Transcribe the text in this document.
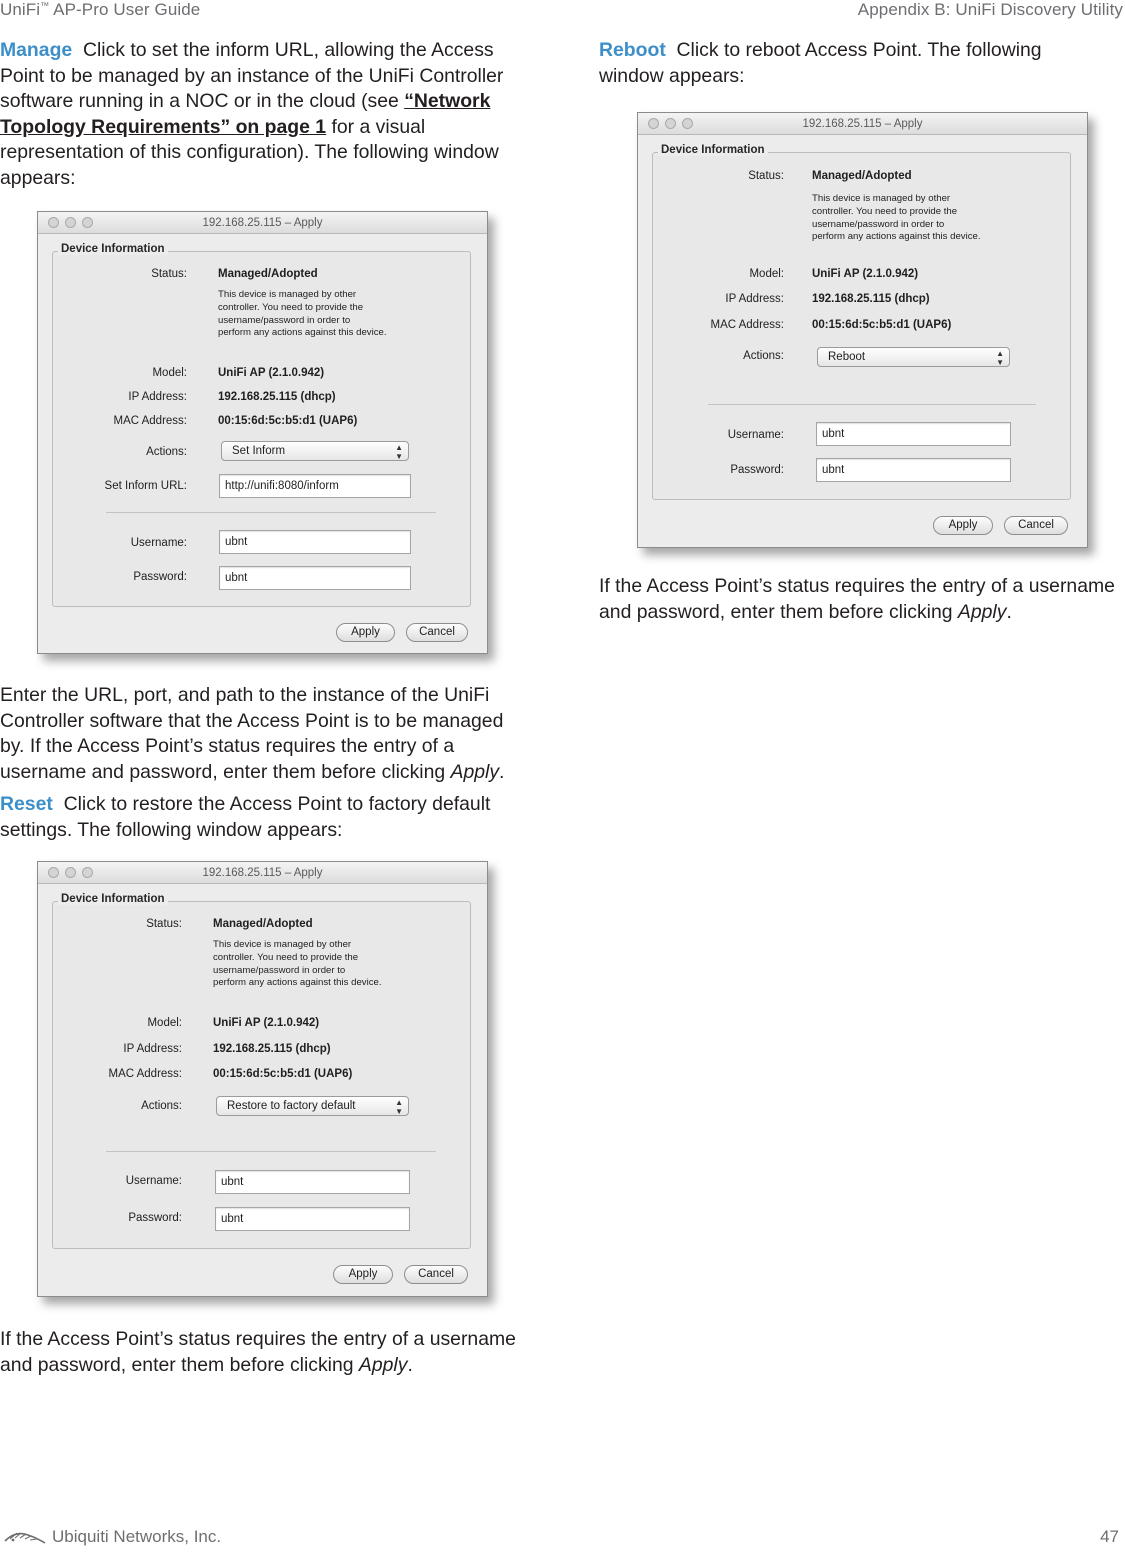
UniFi™ AP-Pro User Guide	Appendix B: UniFi Discovery Utility

Manage  Click to set the inform URL, allowing the Access Point to be managed by an instance of the UniFi Controller software running in a NOC or in the cloud (see “Network Topology Requirements” on page 1 for a visual representation of this configuration). The following window appears:

Enter the URL, port, and path to the instance of the UniFi Controller software that the Access Point is to be managed by. If the Access Point’s status requires the entry of a username and password, enter them before clicking Apply.

Reset  Click to restore the Access Point to factory default settings. The following window appears:

If the Access Point’s status requires the entry of a username and password, enter them before clicking Apply.

Reboot  Click to reboot Access Point. The following window appears:

If the Access Point’s status requires the entry of a username and password, enter them before clicking Apply.

192.168.25.115 – Apply
Device Information
Status:	Managed/Adopted
This device is managed by other
controller. You need to provide the
username/password in order to
perform any actions against this device.
Model:	UniFi AP (2.1.0.942)
IP Address:	192.168.25.115 (dhcp)
MAC Address:	00:15:6d:5c:b5:d1 (UAP6)
Actions:	Set Inform	▲
▼
Set Inform URL:	http://unifi:8080/inform
Username:	ubnt
Password:	ubnt
Apply	Cancel
192.168.25.115 – Apply
Device Information
Status:	Managed/Adopted
This device is managed by other
controller. You need to provide the
username/password in order to
perform any actions against this device.
Model:	UniFi AP (2.1.0.942)
IP Address:	192.168.25.115 (dhcp)
MAC Address:	00:15:6d:5c:b5:d1 (UAP6)
Actions:	Restore to factory default	▲
▼
Username:	ubnt
Password:	ubnt
Apply	Cancel
192.168.25.115 – Apply
Device Information
Status: Managed/Adopted
This device is managed by other
controller. You need to provide the
username/password in order to
perform any actions against this device.
Model: UniFi AP (2.1.0.942)
IP Address: 192.168.25.115 (dhcp)
MAC Address: 00:15:6d:5c:b5:d1 (UAP6)
Actions:	Reboot	▲
▼
Username:	ubnt
Password:	ubnt
Apply	Cancel
Ubiquiti Networks, Inc.	47
